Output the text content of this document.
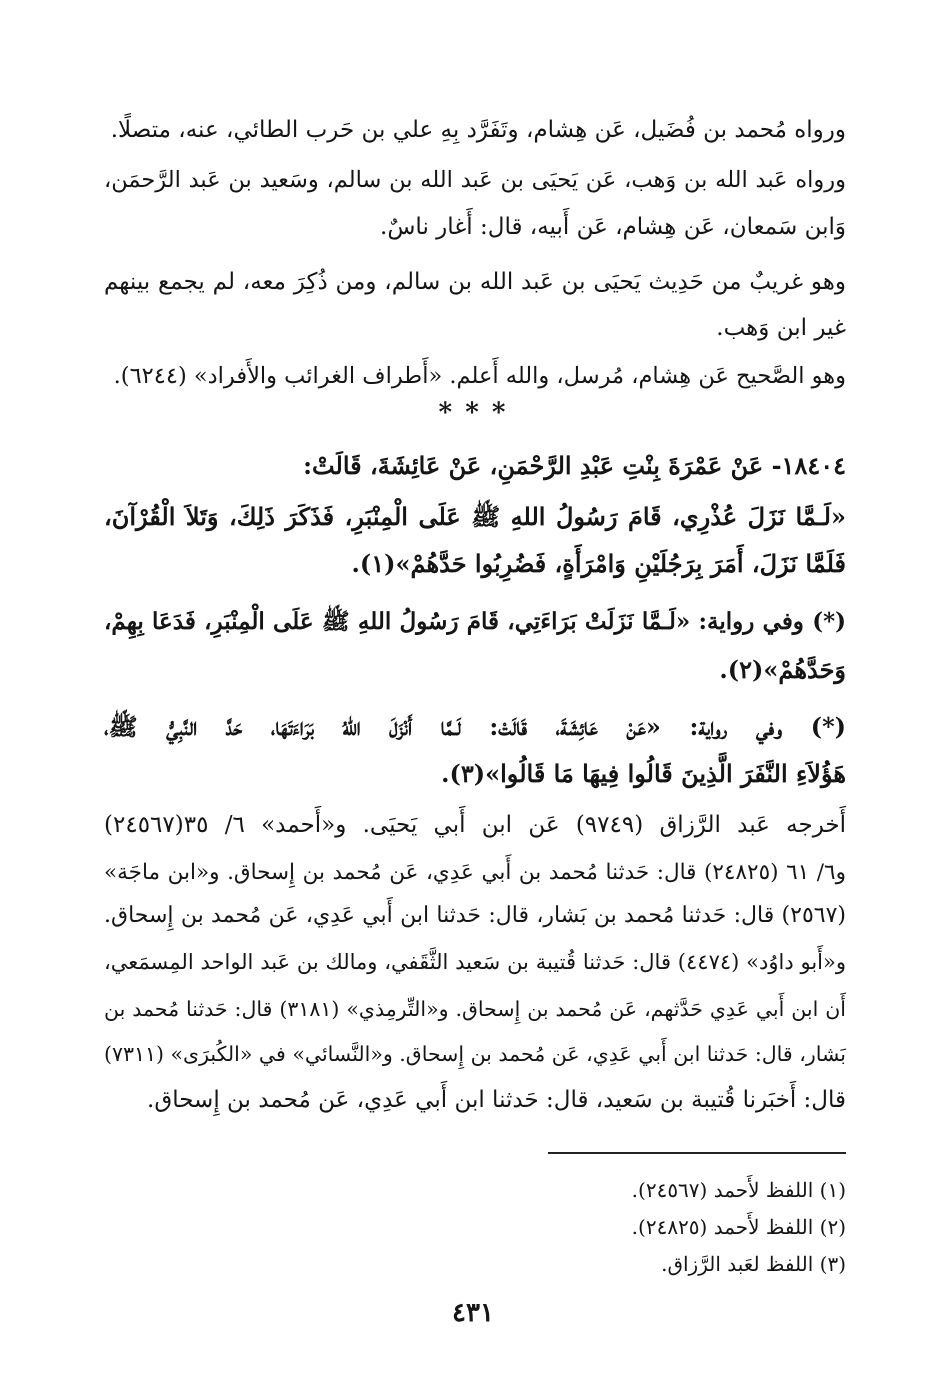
ورواه مُحمد بن فُضَيل، عَن هِشام، وتَفَرَّد بِهِ علي بن حَرب الطائي، عنه، متصلًا.

ورواه عَبد الله بن وَهب، عَن يَحيَى بن عَبد الله بن سالم، وسَعيد بن عَبد الرَّحمَن،

وَابن سَمعان، عَن هِشام، عَن أَبيه، قال: أَغار ناسٌ.

وهو غريبٌ من حَدِيث يَحيَى بن عَبد الله بن سالم، ومن ذُكِرَ معه، لم يجمع بينهم

غير ابن وَهب.

وهو الصَّحيح عَن هِشام، مُرسل، والله أَعلم. «أَطراف الغرائب والأَفراد» (٦٢٤٤).

* * *

١٨٤٠٤- عَنْ عَمْرَةَ بِنْتِ عَبْدِ الرَّحْمَنِ، عَنْ عَائِشَةَ، قَالَتْ:

«لَـمَّا نَزَلَ عُذْرِي، قَامَ رَسُولُ اللهِ ﷺ عَلَى الْمِنْبَرِ، فَذَكَرَ ذَلِكَ، وَتَلاَ الْقُرْآنَ،

فَلَمَّا نَزَلَ، أَمَرَ بِرَجُلَيْنِ وَامْرَأَةٍ، فَضُرِبُوا حَدَّهُمْ»(١).

(*) وفي رواية: «لَـمَّا نَزَلَتْ بَرَاءَتِي، قَامَ رَسُولُ اللهِ ﷺ عَلَى الْمِنْبَرِ، فَدَعَا بِهِمْ،

وَحَدَّهُمْ»(٢).

(*) وفي رواية: «عَنْ عَائِشَةَ، قَالَتْ: لَـمَّا أَنْزَلَ اللهُ بَرَاءَتَهَا، حَدَّ النَّبِيُّ ﷺ،

هَؤُلاَءِ النَّفَرَ الَّذِينَ قَالُوا فِيهَا مَا قَالُوا»(٣).

أَخرجه عَبد الرَّزاق (٩٧٤٩) عَن ابن أَبي يَحيَى. و«أَحمد» ٦/ ٣٥(٢٤٥٦٧)

و٦/ ٦١ (٢٤٨٢٥) قال: حَدثنا مُحمد بن أَبي عَدِي، عَن مُحمد بن إِسحاق. و«ابن ماجَة»

(٢٥٦٧) قال: حَدثنا مُحمد بن بَشار، قال: حَدثنا ابن أَبي عَدِي، عَن مُحمد بن إِسحاق.

و«أَبو داوُد» (٤٤٧٤) قال: حَدثنا قُتيبة بن سَعيد الثَّقَفي، ومالك بن عَبد الواحد المِسمَعي،

أَن ابن أَبي عَدِي حَدَّثهم، عَن مُحمد بن إِسحاق. و«التِّرمِذي» (٣١٨١) قال: حَدثنا مُحمد بن

بَشار، قال: حَدثنا ابن أَبي عَدِي، عَن مُحمد بن إِسحاق. و«النَّسائي» في «الكُبرَى» (٧٣١١)

قال: أَخبَرنا قُتيبة بن سَعيد، قال: حَدثنا ابن أَبي عَدِي، عَن مُحمد بن إِسحاق.

(١) اللفظ لأَحمد (٢٤٥٦٧).
(٢) اللفظ لأَحمد (٢٤٨٢٥).
(٣) اللفظ لعَبد الرَّزاق.
٤٣١
